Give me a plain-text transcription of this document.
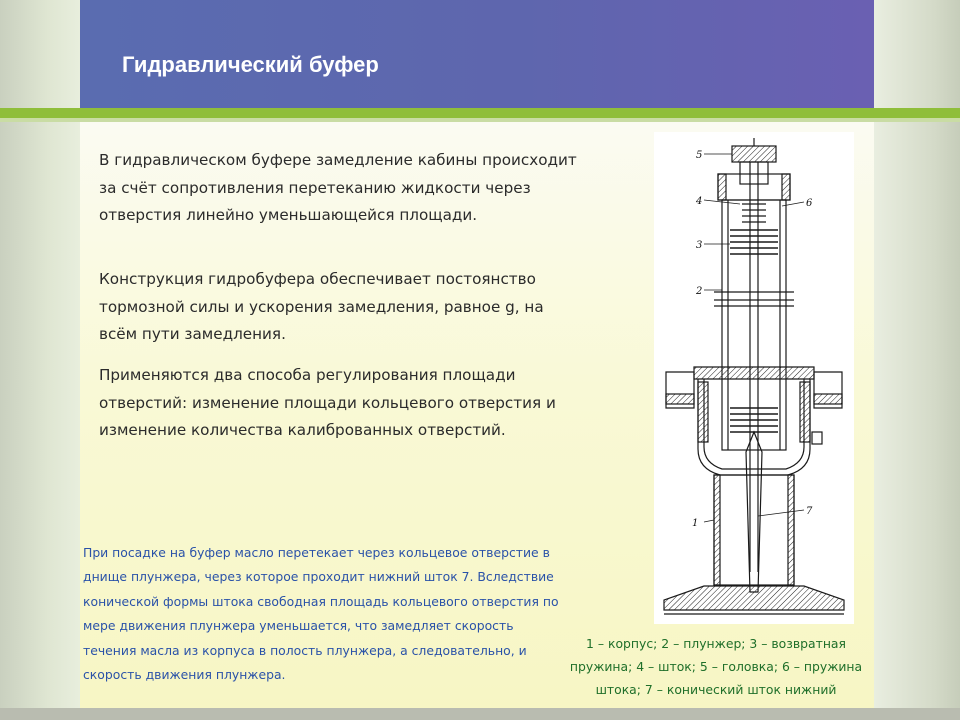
Гидравлический буфер

В гидравлическом буфере замедление кабины происходит за счёт сопротивления перетеканию жидкости через отверстия линейно уменьшающейся площади.

Конструкция гидробуфера обеспечивает постоянство тормозной силы и ускорения замедления, равное g, на всём пути замедления.

Применяются два способа регулирования площади отверстий: изменение площади кольцевого отверстия и изменение количества калиброванных отверстий.

При посадке на буфер масло перетекает через кольцевое отверстие в днище плунжера, через которое проходит нижний шток 7. Вследствие конической формы штока свободная площадь кольцевого отверстия по мере движения плунжера уменьшается, что замедляет скорость течения масла из корпуса в полость плунжера, а следовательно, и скорость движения плунжера.

5
4	6
3
2
1
7

1 – корпус; 2 – плунжер; 3 – возвратная пружина; 4 – шток; 5 – головка; 6 – пружина штока; 7 – конический шток нижний
